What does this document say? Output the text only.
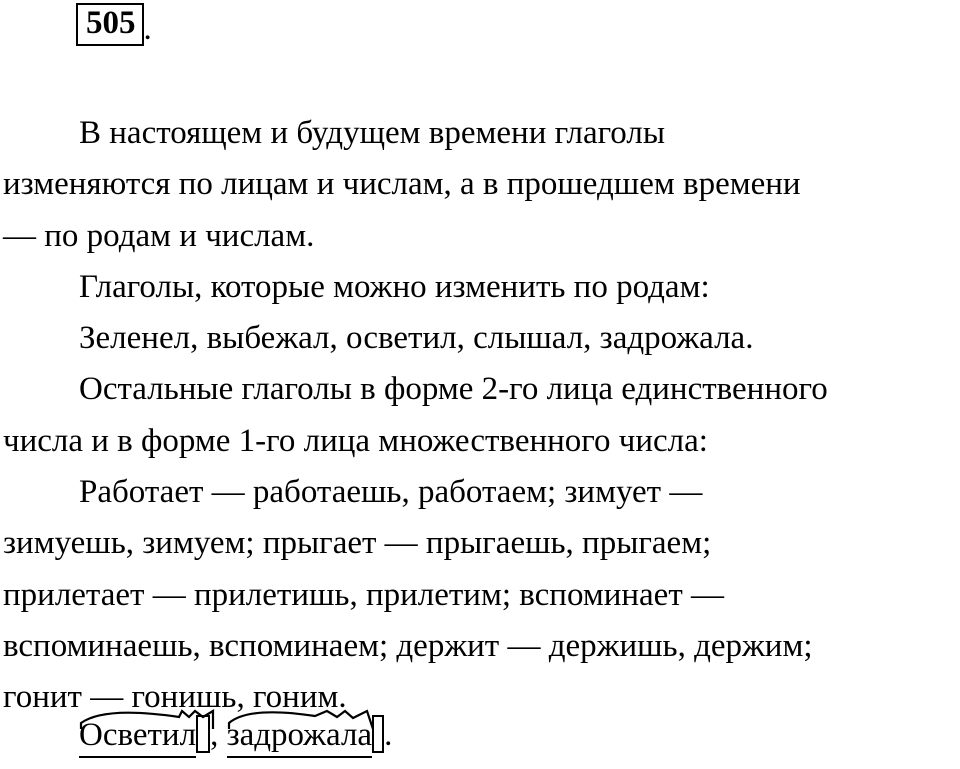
505 .
В настоящем и будущем времени глаголы
изменяются по лицам и числам, а в прошедшем времени
— по родам и числам.
Глаголы, которые можно изменить по родам:
Зеленел, выбежал, осветил, слышал, задрожала.
Остальные глаголы в форме 2-го лица единственного
числа и в форме 1-го лица множественного числа:
Работает — работаешь, работаем; зимует —
зимуешь, зимуем; прыгает — прыгаешь, прыгаем;
прилетает — прилетишь, прилетим; вспоминает —
вспоминаешь, вспоминаем; держит — держишь, держим;
гонит — гонишь, гоним.
Осветил ,
задрожала .
